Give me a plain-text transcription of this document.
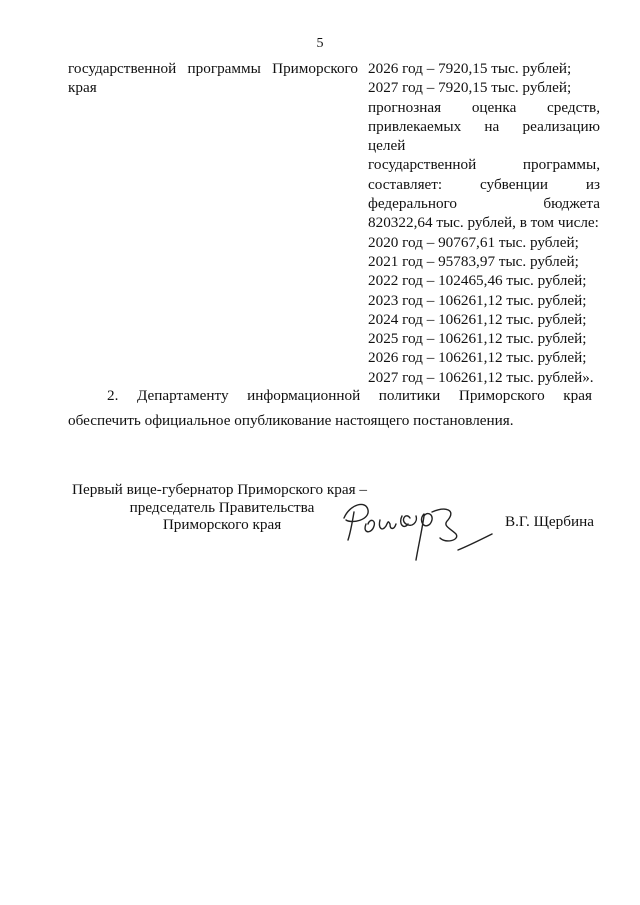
5
государственной программы Приморского края
2026 год – 7920,15 тыс. рублей;
2027 год – 7920,15 тыс. рублей;
прогнозная оценка средств,
привлекаемых на реализацию целей
государственной программы,
составляет: субвенции из
федерального бюджета
820322,64 тыс. рублей, в том числе:
2020 год – 90767,61 тыс. рублей;
2021 год – 95783,97 тыс. рублей;
2022 год – 102465,46 тыс. рублей;
2023 год – 106261,12 тыс. рублей;
2024 год – 106261,12 тыс. рублей;
2025 год – 106261,12 тыс. рублей;
2026 год – 106261,12 тыс. рублей;
2027 год – 106261,12 тыс. рублей».
2. Департаменту информационной политики Приморского края
обеспечить официальное опубликование настоящего постановления.
Первый вице-губернатор Приморского края –
председатель Правительства
Приморского края	В.Г. Щербина
